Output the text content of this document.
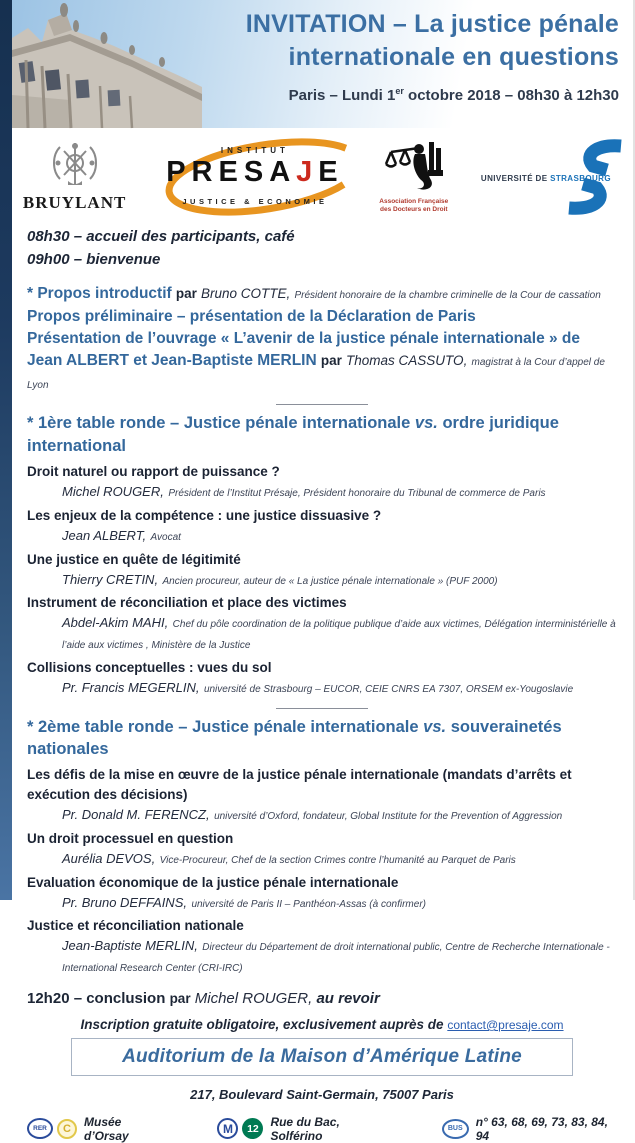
INVITATION – La justice pénale
internationale en questions
Paris – Lundi 1er octobre 2018 – 08h30 à 12h30
BRUYLANT
INSTITUT
PRESAJE
JUSTICE & ECONOMIE	Association Française
des Docteurs en Droit
UNIVERSITÉ DE STRASBOURG
08h30 – accueil des participants, café
09h00 – bienvenue
* Propos introductif par Bruno COTTE, Président honoraire de la chambre criminelle de la Cour de cassation
Propos préliminaire – présentation de la Déclaration de Paris
Présentation de l’ouvrage « L’avenir de la justice pénale internationale » de Jean ALBERT et Jean-Baptiste MERLIN par Thomas CASSUTO, magistrat à la Cour d’appel de Lyon
* 1ère table ronde – Justice pénale internationale vs. ordre juridique international
Droit naturel ou rapport de puissance ?
Michel ROUGER, Président de l’Institut Présaje, Président honoraire du Tribunal de commerce de Paris
Les enjeux de la compétence : une justice dissuasive ?
Jean ALBERT, Avocat
Une justice en quête de légitimité
Thierry CRETIN, Ancien procureur, auteur de « La justice pénale internationale » (PUF 2000)
Instrument de réconciliation et place des victimes
Abdel-Akim MAHI, Chef du pôle coordination de la politique publique d’aide aux victimes, Délégation interministérielle à l’aide aux victimes , Ministère de la Justice
Collisions conceptuelles : vues du sol
Pr. Francis MEGERLIN, université de Strasbourg – EUCOR, CEIE CNRS EA 7307, ORSEM ex-Yougoslavie
* 2ème table ronde – Justice pénale internationale vs. souverainetés nationales
Les défis de la mise en œuvre de la justice pénale internationale (mandats d’arrêts et exécution des décisions)
Pr. Donald M. FERENCZ, université d’Oxford, fondateur, Global Institute for the Prevention of Aggression
Un droit processuel en question
Aurélia DEVOS, Vice-Procureur, Chef de la section Crimes contre l’humanité au Parquet de Paris
Evaluation économique de la justice pénale internationale
Pr. Bruno DEFFAINS, université de Paris II – Panthéon-Assas (à confirmer)
Justice et réconciliation nationale
Jean-Baptiste MERLIN, Directeur du Département de droit international public, Centre de Recherche Internationale - International Research Center (CRI-IRC)
12h20 – conclusion par Michel ROUGER, au revoir
Inscription gratuite obligatoire, exclusivement auprès de contact@presaje.com
Auditorium de la Maison d’Amérique Latine
217, Boulevard Saint-Germain, 75007 Paris
RER	C	Musée d’Orsay	M	12 Rue du Bac, Solférino	BUS	n° 63, 68, 69, 73, 83, 84, 94
